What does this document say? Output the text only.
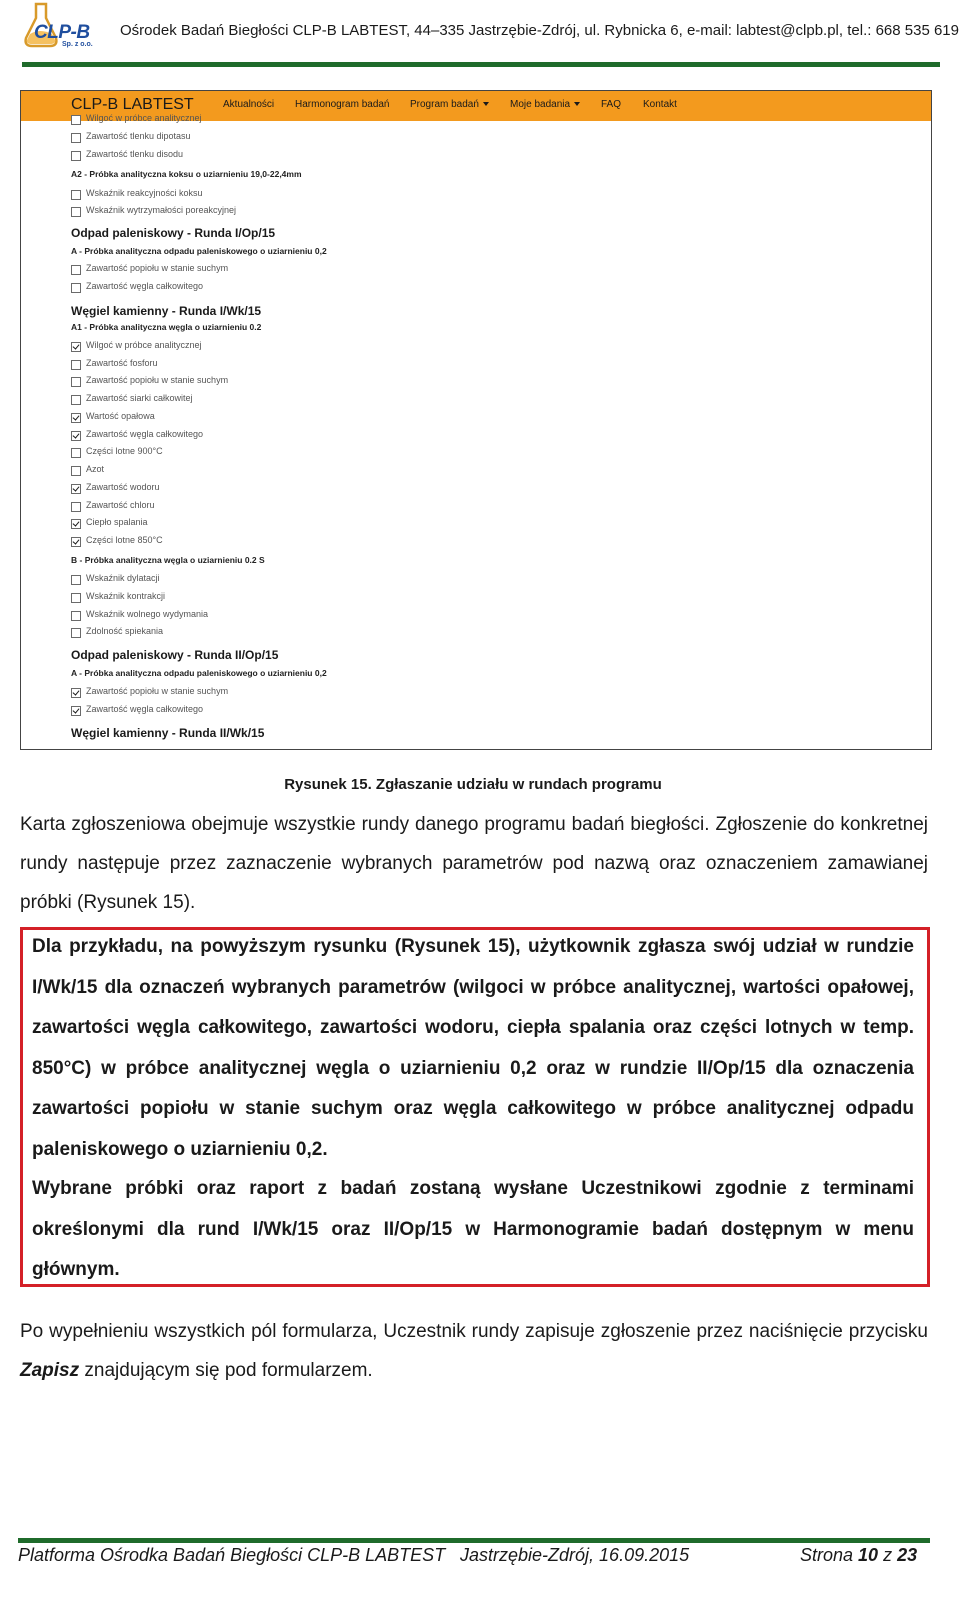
CLP-B
Sp. z o.o.
Ośrodek Badań Biegłości CLP-B LABTEST, 44–335 Jastrzębie-Zdrój, ul. Rybnicka 6, e-mail: labtest@clpb.pl, tel.: 668 535 619
CLP-B LABTEST	Aktualności Harmonogram badań Program badań	Moje badania	FAQ Kontakt
Wilgoć w próbce analitycznej
Zawartość tlenku dipotasu
Zawartość tlenku disodu
A2 - Próbka analityczna koksu o uziarnieniu 19,0-22,4mm
Wskaźnik reakcyjności koksu
Wskaźnik wytrzymałości poreakcyjnej
Odpad paleniskowy - Runda I/Op/15
A - Próbka analityczna odpadu paleniskowego o uziarnieniu 0,2
Zawartość popiołu w stanie suchym
Zawartość węgla całkowitego
Węgiel kamienny - Runda I/Wk/15
A1 - Próbka analityczna węgla o uziarnieniu 0.2
Wilgoć w próbce analitycznej
Zawartość fosforu
Zawartość popiołu w stanie suchym
Zawartość siarki całkowitej
Wartość opałowa
Zawartość węgla całkowitego
Części lotne 900°C
Azot
Zawartość wodoru
Zawartość chloru
Ciepło spalania
Części lotne 850°C
B - Próbka analityczna węgla o uziarnieniu 0.2 S
Wskaźnik dylatacji
Wskaźnik kontrakcji
Wskaźnik wolnego wydymania
Zdolność spiekania
Odpad paleniskowy - Runda II/Op/15
A - Próbka analityczna odpadu paleniskowego o uziarnieniu 0,2
Zawartość popiołu w stanie suchym
Zawartość węgla całkowitego
Węgiel kamienny - Runda II/Wk/15
Rysunek 15. Zgłaszanie udziału w rundach programu
Karta zgłoszeniowa obejmuje wszystkie rundy danego programu badań biegłości. Zgłoszenie do konkretnej rundy następuje przez zaznaczenie wybranych parametrów pod nazwą oraz oznaczeniem zamawianej próbki (Rysunek 15).
Dla przykładu, na powyższym rysunku (Rysunek 15), użytkownik zgłasza swój udział w rundzie I/Wk/15 dla oznaczeń wybranych parametrów (wilgoci w próbce analitycznej, wartości opałowej, zawartości węgla całkowitego, zawartości wodoru, ciepła spalania oraz części lotnych w temp. 850°C) w próbce analitycznej węgla o uziarnieniu 0,2 oraz w rundzie II/Op/15 dla oznaczenia zawartości popiołu w stanie suchym oraz węgla całkowitego w próbce analitycznej odpadu paleniskowego o uziarnieniu 0,2.
Wybrane próbki oraz raport z badań zostaną wysłane Uczestnikowi zgodnie z terminami określonymi dla rund I/Wk/15 oraz II/Op/15 w Harmonogramie badań dostępnym w menu głównym.
Po wypełnieniu wszystkich pól formularza, Uczestnik rundy zapisuje zgłoszenie przez naciśnięcie przycisku Zapisz znajdującym się pod formularzem.
Platforma Ośrodka Badań Biegłości CLP-B LABTEST Jastrzębie-Zdrój, 16.09.2015	Strona 10 z 23
